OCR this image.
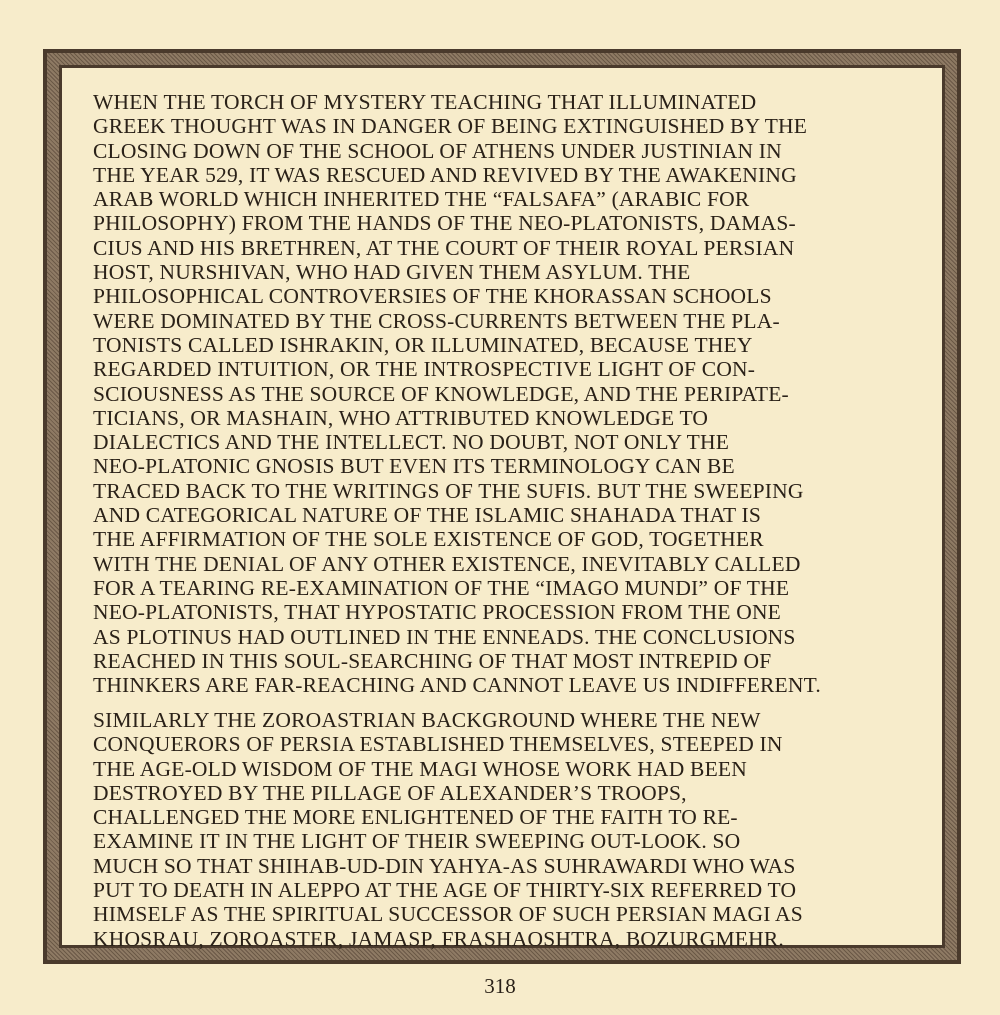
WHEN THE TORCH OF MYSTERY TEACHING THAT ILLUMINATED
GREEK THOUGHT WAS IN DANGER OF BEING EXTINGUISHED BY THE
CLOSING DOWN OF THE SCHOOL OF ATHENS UNDER JUSTINIAN IN
THE YEAR 529, IT WAS RESCUED AND REVIVED BY THE AWAKENING
ARAB WORLD WHICH INHERITED THE “FALSAFA” (ARABIC FOR
PHILOSOPHY) FROM THE HANDS OF THE NEO-PLATONISTS, DAMAS-
CIUS AND HIS BRETHREN, AT THE COURT OF THEIR ROYAL PERSIAN
HOST, NURSHIVAN, WHO HAD GIVEN THEM ASYLUM. THE
PHILOSOPHICAL CONTROVERSIES OF THE KHORASSAN SCHOOLS
WERE DOMINATED BY THE CROSS-CURRENTS BETWEEN THE PLA-
TONISTS CALLED ISHRAKIN, OR ILLUMINATED, BECAUSE THEY
REGARDED INTUITION, OR THE INTROSPECTIVE LIGHT OF CON-
SCIOUSNESS AS THE SOURCE OF KNOWLEDGE, AND THE PERIPATE-
TICIANS, OR MASHAIN, WHO ATTRIBUTED KNOWLEDGE TO
DIALECTICS AND THE INTELLECT. NO DOUBT, NOT ONLY THE
NEO-PLATONIC GNOSIS BUT EVEN ITS TERMINOLOGY CAN BE
TRACED BACK TO THE WRITINGS OF THE SUFIS. BUT THE SWEEPING
AND CATEGORICAL NATURE OF THE ISLAMIC SHAHADA THAT IS
THE AFFIRMATION OF THE SOLE EXISTENCE OF GOD, TOGETHER
WITH THE DENIAL OF ANY OTHER EXISTENCE, INEVITABLY CALLED
FOR A TEARING RE-EXAMINATION OF THE “IMAGO MUNDI” OF THE
NEO-PLATONISTS, THAT HYPOSTATIC PROCESSION FROM THE ONE
AS PLOTINUS HAD OUTLINED IN THE ENNEADS. THE CONCLUSIONS
REACHED IN THIS SOUL-SEARCHING OF THAT MOST INTREPID OF
THINKERS ARE FAR-REACHING AND CANNOT LEAVE US INDIFFERENT.
SIMILARLY THE ZOROASTRIAN BACKGROUND WHERE THE NEW
CONQUERORS OF PERSIA ESTABLISHED THEMSELVES, STEEPED IN
THE AGE-OLD WISDOM OF THE MAGI WHOSE WORK HAD BEEN
DESTROYED BY THE PILLAGE OF ALEXANDER’S TROOPS,
CHALLENGED THE MORE ENLIGHTENED OF THE FAITH TO RE-
EXAMINE IT IN THE LIGHT OF THEIR SWEEPING OUT-LOOK. SO
MUCH SO THAT SHIHAB-UD-DIN YAHYA-AS SUHRAWARDI WHO WAS
PUT TO DEATH IN ALEPPO AT THE AGE OF THIRTY-SIX REFERRED TO
HIMSELF AS THE SPIRITUAL SUCCESSOR OF SUCH PERSIAN MAGI AS
KHOSRAU, ZOROASTER, JAMASP, FRASHAOSHTRA, BOZURGMEHR.
318
